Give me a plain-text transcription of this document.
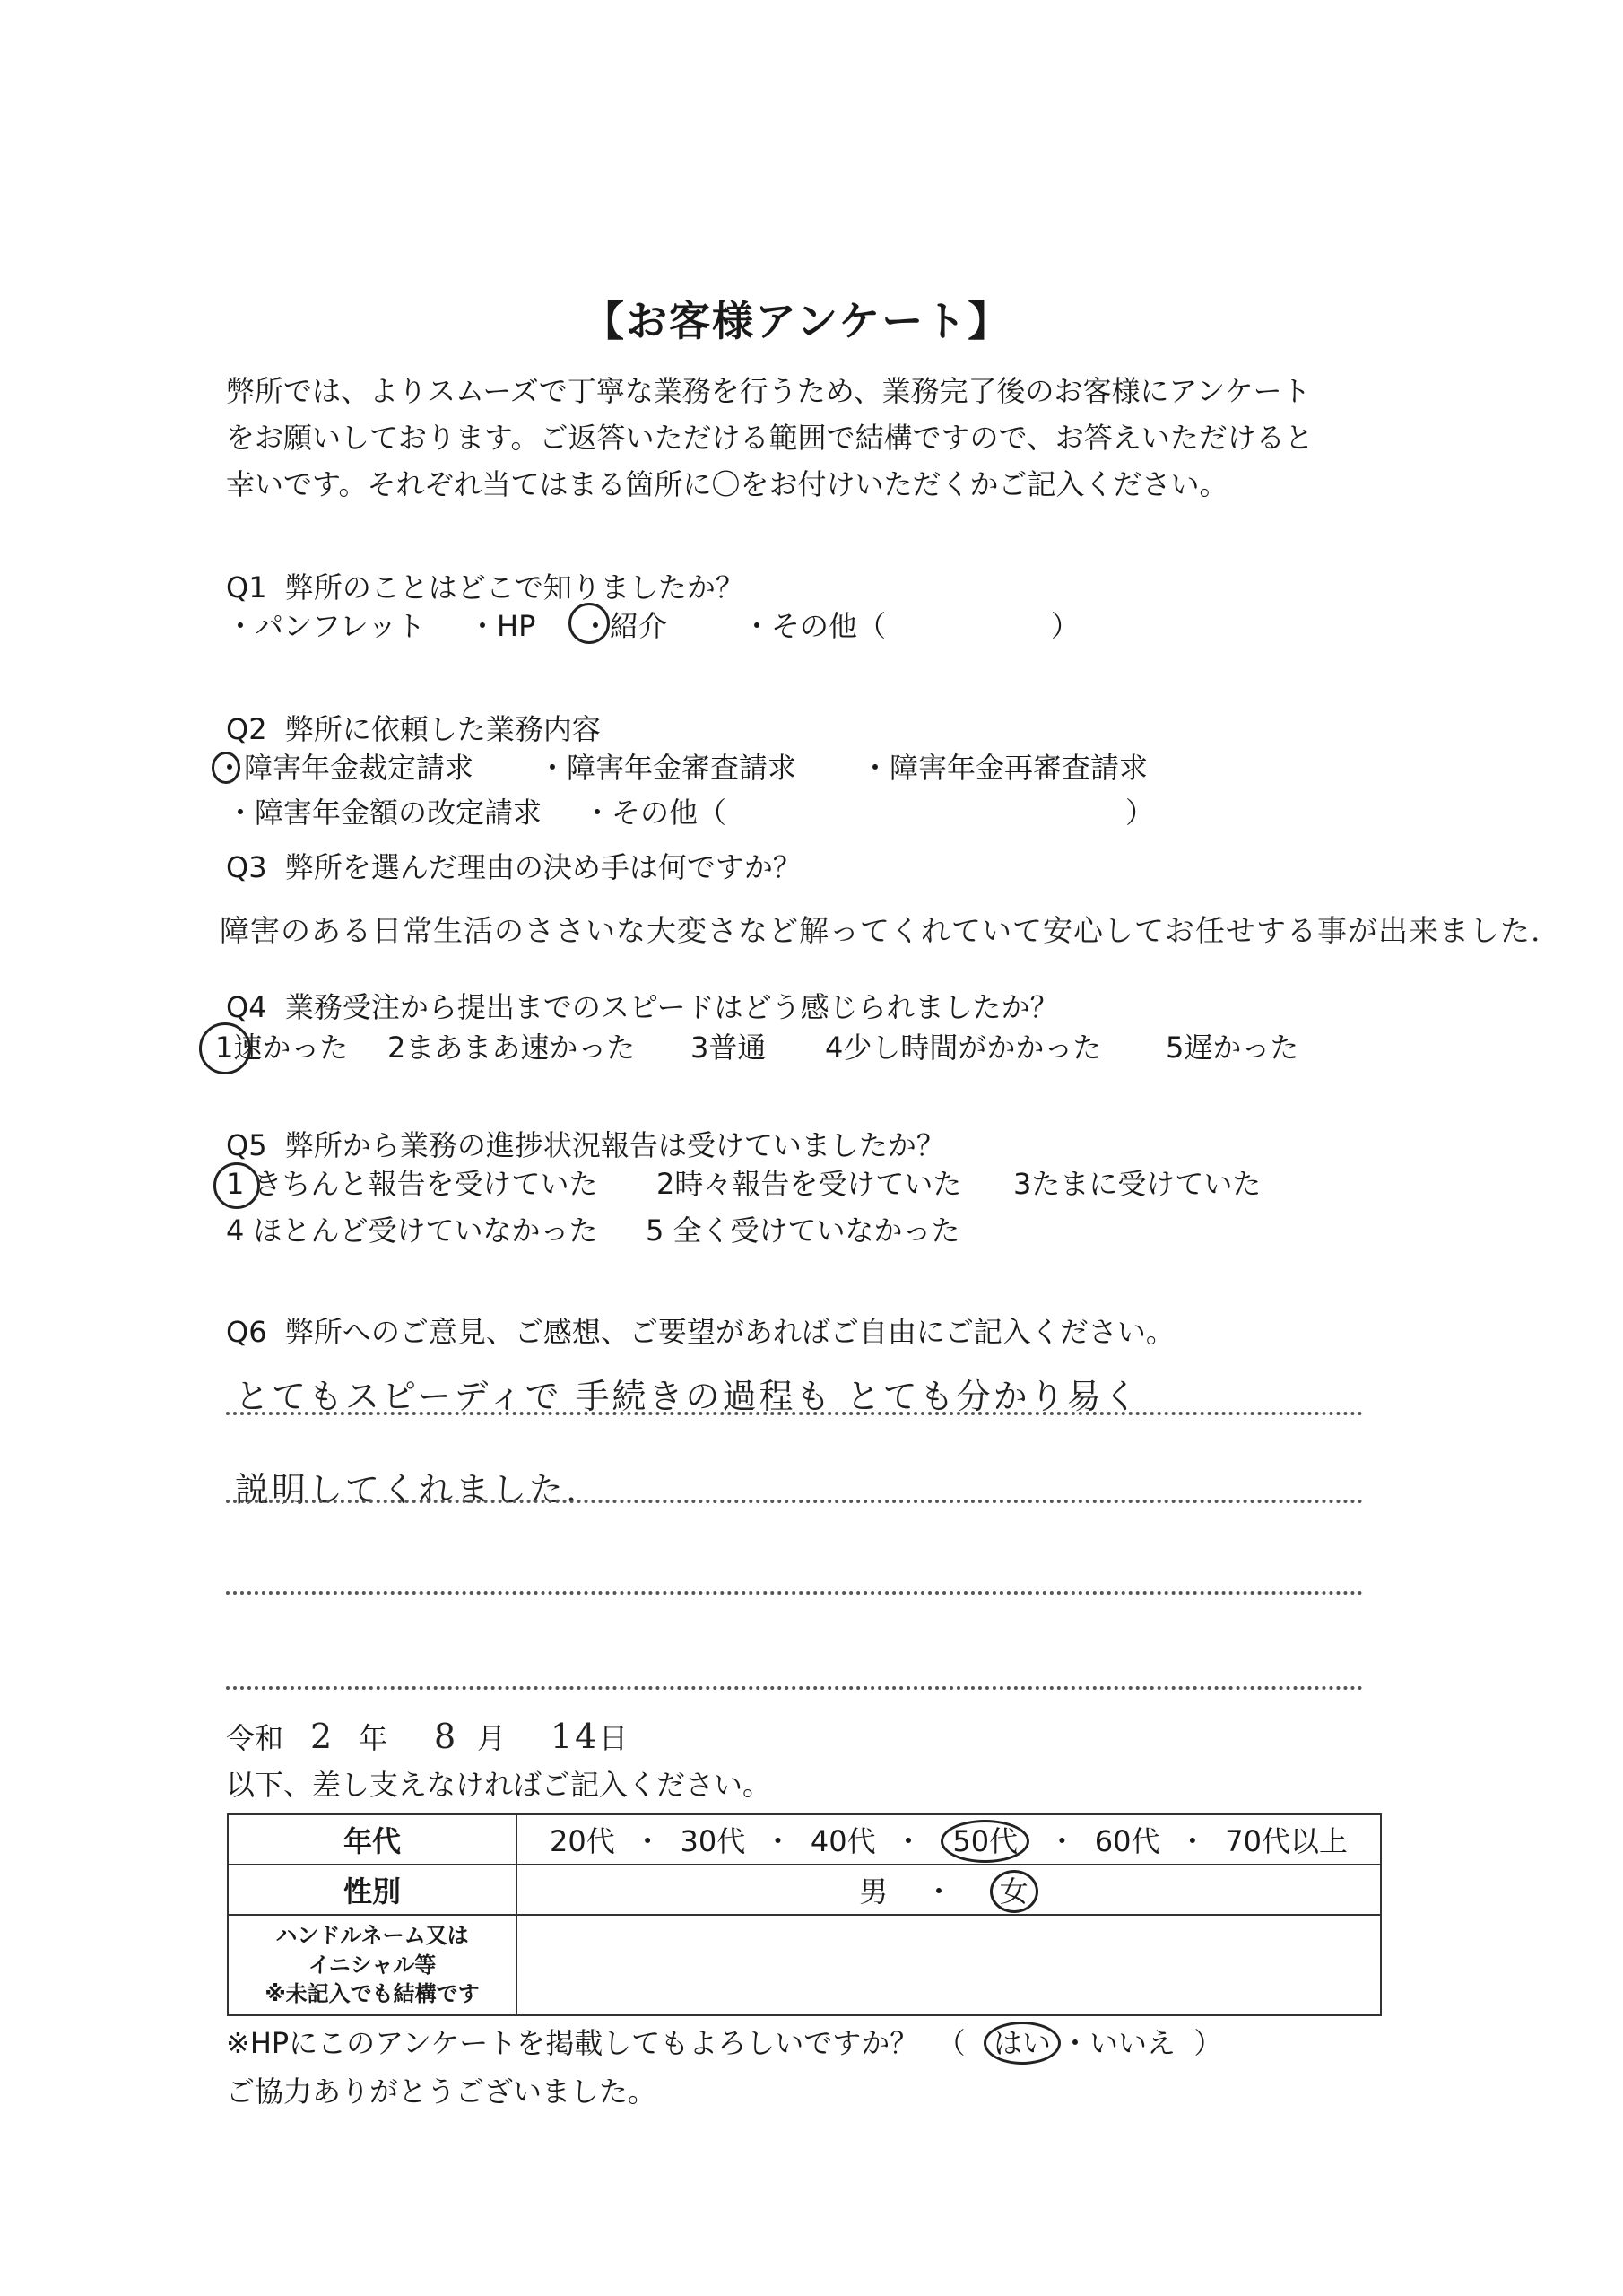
【お客様アンケート】
弊所では、よりスムーズで丁寧な業務を行うため、業務完了後のお客様にアンケート
をお願いしております。ご返答いただける範囲で結構ですので、お答えいただけると
幸いです。それぞれ当てはまる箇所に〇をお付けいただくかご記入ください。
Q1 弊所のことはどこで知りましたか？
・パンフレット ・HP ・紹介	・その他（	）
Q2 弊所に依頼した業務内容
・障害年金裁定請求 ・障害年金審査請求 ・障害年金再審査請求
・障害年金額の改定請求 ・その他（	）
Q3 弊所を選んだ理由の決め手は何ですか？
障害のある日常生活のささいな大変さなど解ってくれていて安心してお任せする事が出来ました.
Q4 業務受注から提出までのスピードはどう感じられましたか？
1速かった 2まあまあ速かった 3普通 4少し時間がかかった 5遅かった
Q5 弊所から業務の進捗状況報告は受けていましたか？
1 きちんと報告を受けていた 2時々報告を受けていた 3たまに受けていた
4 ほとんど受けていなかった 5 全く受けていなかった
Q6 弊所へのご意見、ご感想、ご要望があればご自由にご記入ください。
とてもスピーディで 手続きの過程も とても分かり易く
説明してくれました.
令和 2 年 8 月 14 日
以下、差し支えなければご記入ください。
年代	20代 ・ 30代 ・ 40代 ・ 50代 ・ 60代 ・ 70代以上
性別	男 ・ 女

ハンドルネーム又は
イニシャル等
※未記入でも結構です	

※HPにこのアンケートを掲載してもよろしいですか？ （ はい ・いいえ ）
ご協力ありがとうございました。
